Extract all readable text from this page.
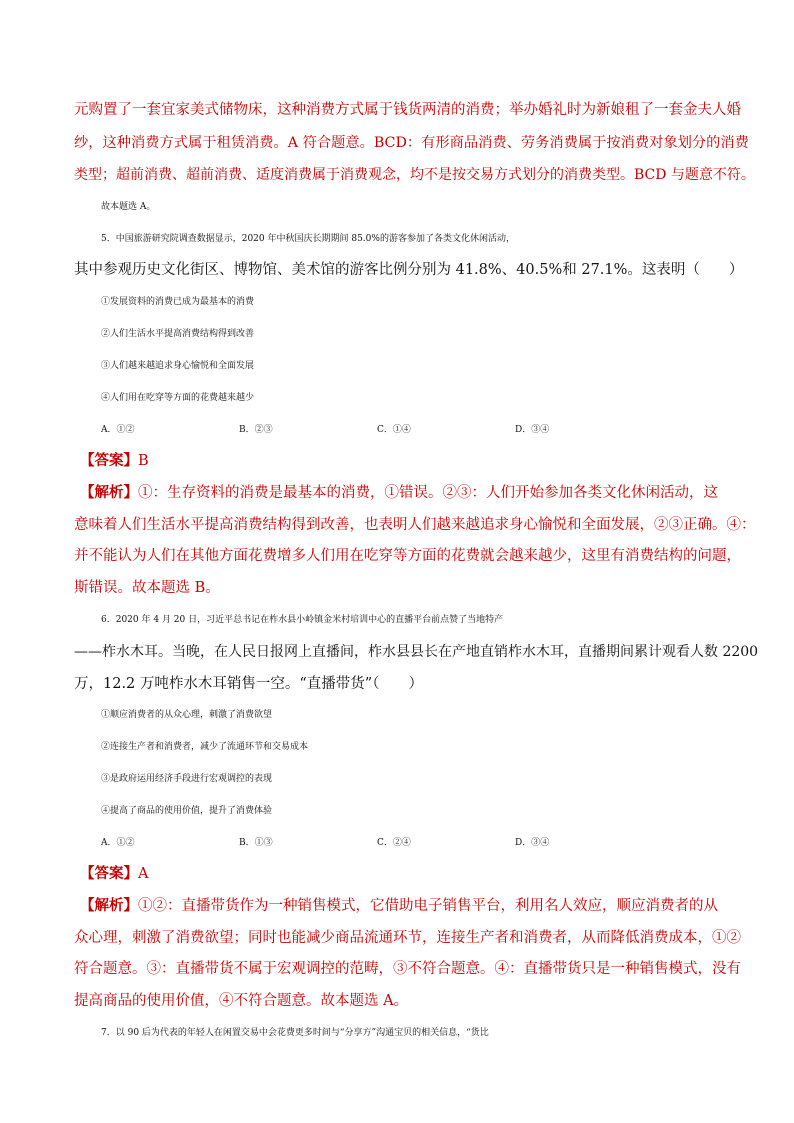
元购置了一套宜家美式储物床，这种消费方式属于钱货两清的消费；举办婚礼时为新娘租了一套金夫人婚
纱，这种消费方式属于租赁消费。A 符合题意。BCD：有形商品消费、劳务消费属于按消费对象划分的消费
类型；超前消费、超前消费、适度消费属于消费观念，均不是按交易方式划分的消费类型。BCD 与题意不符。
故本题选 A。
5．中国旅游研究院调查数据显示，2020 年中秋国庆长期期间 85.0%的游客参加了各类文化休闲活动，
其中参观历史文化街区、博物馆、美术馆的游客比例分别为 41.8%、40.5%和 27.1%。这表明（　　）
①发展资料的消费已成为最基本的消费
②人们生活水平提高消费结构得到改善
③人们越来越追求身心愉悦和全面发展
④人们用在吃穿等方面的花费越来越少
A．①②	B．②③	C．①④	D．③④
【答案】B
【解析】①：生存资料的消费是最基本的消费，①错误。②③：人们开始参加各类文化休闲活动，这
意味着人们生活水平提高消费结构得到改善，也表明人们越来越追求身心愉悦和全面发展，②③正确。④：
并不能认为人们在其他方面花费增多人们用在吃穿等方面的花费就会越来越少，这里有消费结构的问题，
斯错误。故本题选 B。
6．2020 年 4 月 20 日，习近平总书记在柞水县小岭镇金米村培训中心的直播平台前点赞了当地特产
——柞水木耳。当晚，在人民日报网上直播间，柞水县县长在产地直销柞水木耳，直播期间累计观看人数 2200
万，12.2 万吨柞水木耳销售一空。“直播带货”（　　）
①顺应消费者的从众心理，刺激了消费欲望
②连接生产者和消费者，减少了流通环节和交易成本
③是政府运用经济手段进行宏观调控的表现
④提高了商品的使用价值，提升了消费体验
A．①②	B．①③	C．②④	D．③④
【答案】A
【解析】①②：直播带货作为一种销售模式，它借助电子销售平台，利用名人效应，顺应消费者的从
众心理，刺激了消费欲望；同时也能减少商品流通环节，连接生产者和消费者，从而降低消费成本，①②
符合题意。③：直播带货不属于宏观调控的范畴，③不符合题意。④：直播带货只是一种销售模式，没有
提高商品的使用价值，④不符合题意。故本题选 A。
7．以 90 后为代表的年轻人在闲置交易中会花费更多时间与“分享方”沟通宝贝的相关信息，“货比
